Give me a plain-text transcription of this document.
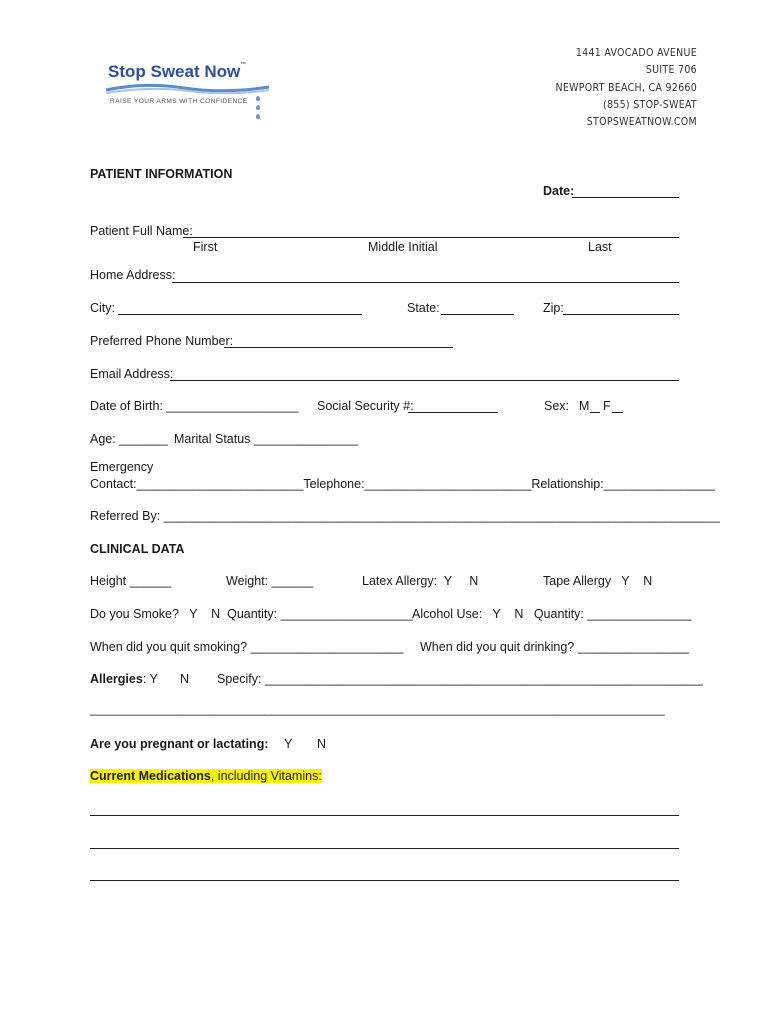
Stop Sweat Now™
RAISE YOUR ARMS WITH CONFIDENCE
1441 AVOCADO AVENUE
SUITE 706
NEWPORT BEACH, CA 92660
(855) STOP-SWEAT
STOPSWEATNOW.COM
PATIENT INFORMATION
Date:
Patient Full Name:
First	Middle Initial	Last
Home Address:
City:	State:	Zip:
Preferred Phone Number:
Email Address:
Date of Birth: ___________________ Social Security #:	Sex: M F
Age: _______ Marital Status _______________
Emergency
Contact:________________________Telephone:________________________Relationship:________________
Referred By: ________________________________________________________________________________
CLINICAL DATA
Height ______	Weight: ______	Latex Allergy:  Y     N	Tape Allergy   Y    N
Do you Smoke?   Y    N  Quantity: ___________________ Alcohol Use:   Y    N   Quantity: _______________
When did you quit smoking? ______________________ When did you quit drinking? ________________
Allergies: Y N Specify: _______________________________________________________________
____________________________________________________________________________________________
Are you pregnant or lactating: Y N
Current Medications, including Vitamins:
